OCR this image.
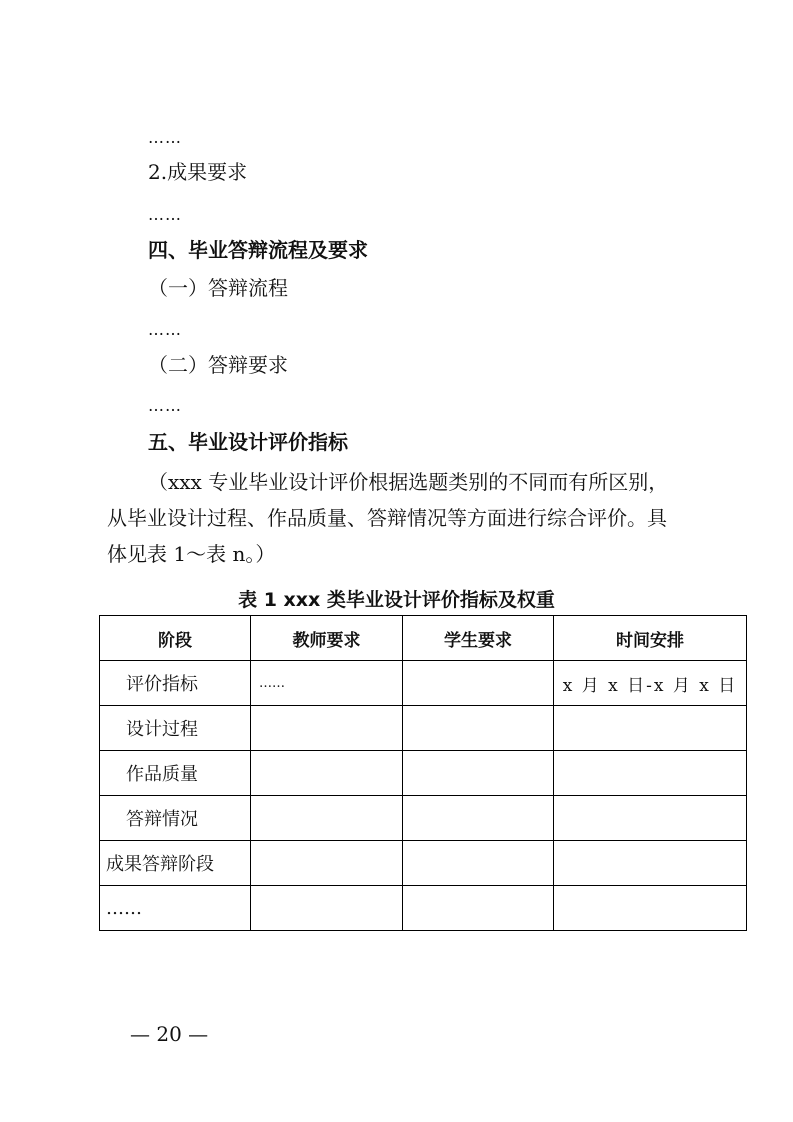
……
2.成果要求
……
四、毕业答辩流程及要求
（一）答辩流程
……
（二）答辩要求
……
五、毕业设计评价指标
（xxx 专业毕业设计评价根据选题类别的不同而有所区别，
从毕业设计过程、作品质量、答辩情况等方面进行综合评价。具
体见表 1～表 n。）
表 1 xxx 类毕业设计评价指标及权重
阶段	教师要求	学生要求	时间安排
评价指标	……		x 月 x 日-x 月 x 日
设计过程			
作品质量			
答辩情况			
成果答辩阶段			
……			
— 20 —
